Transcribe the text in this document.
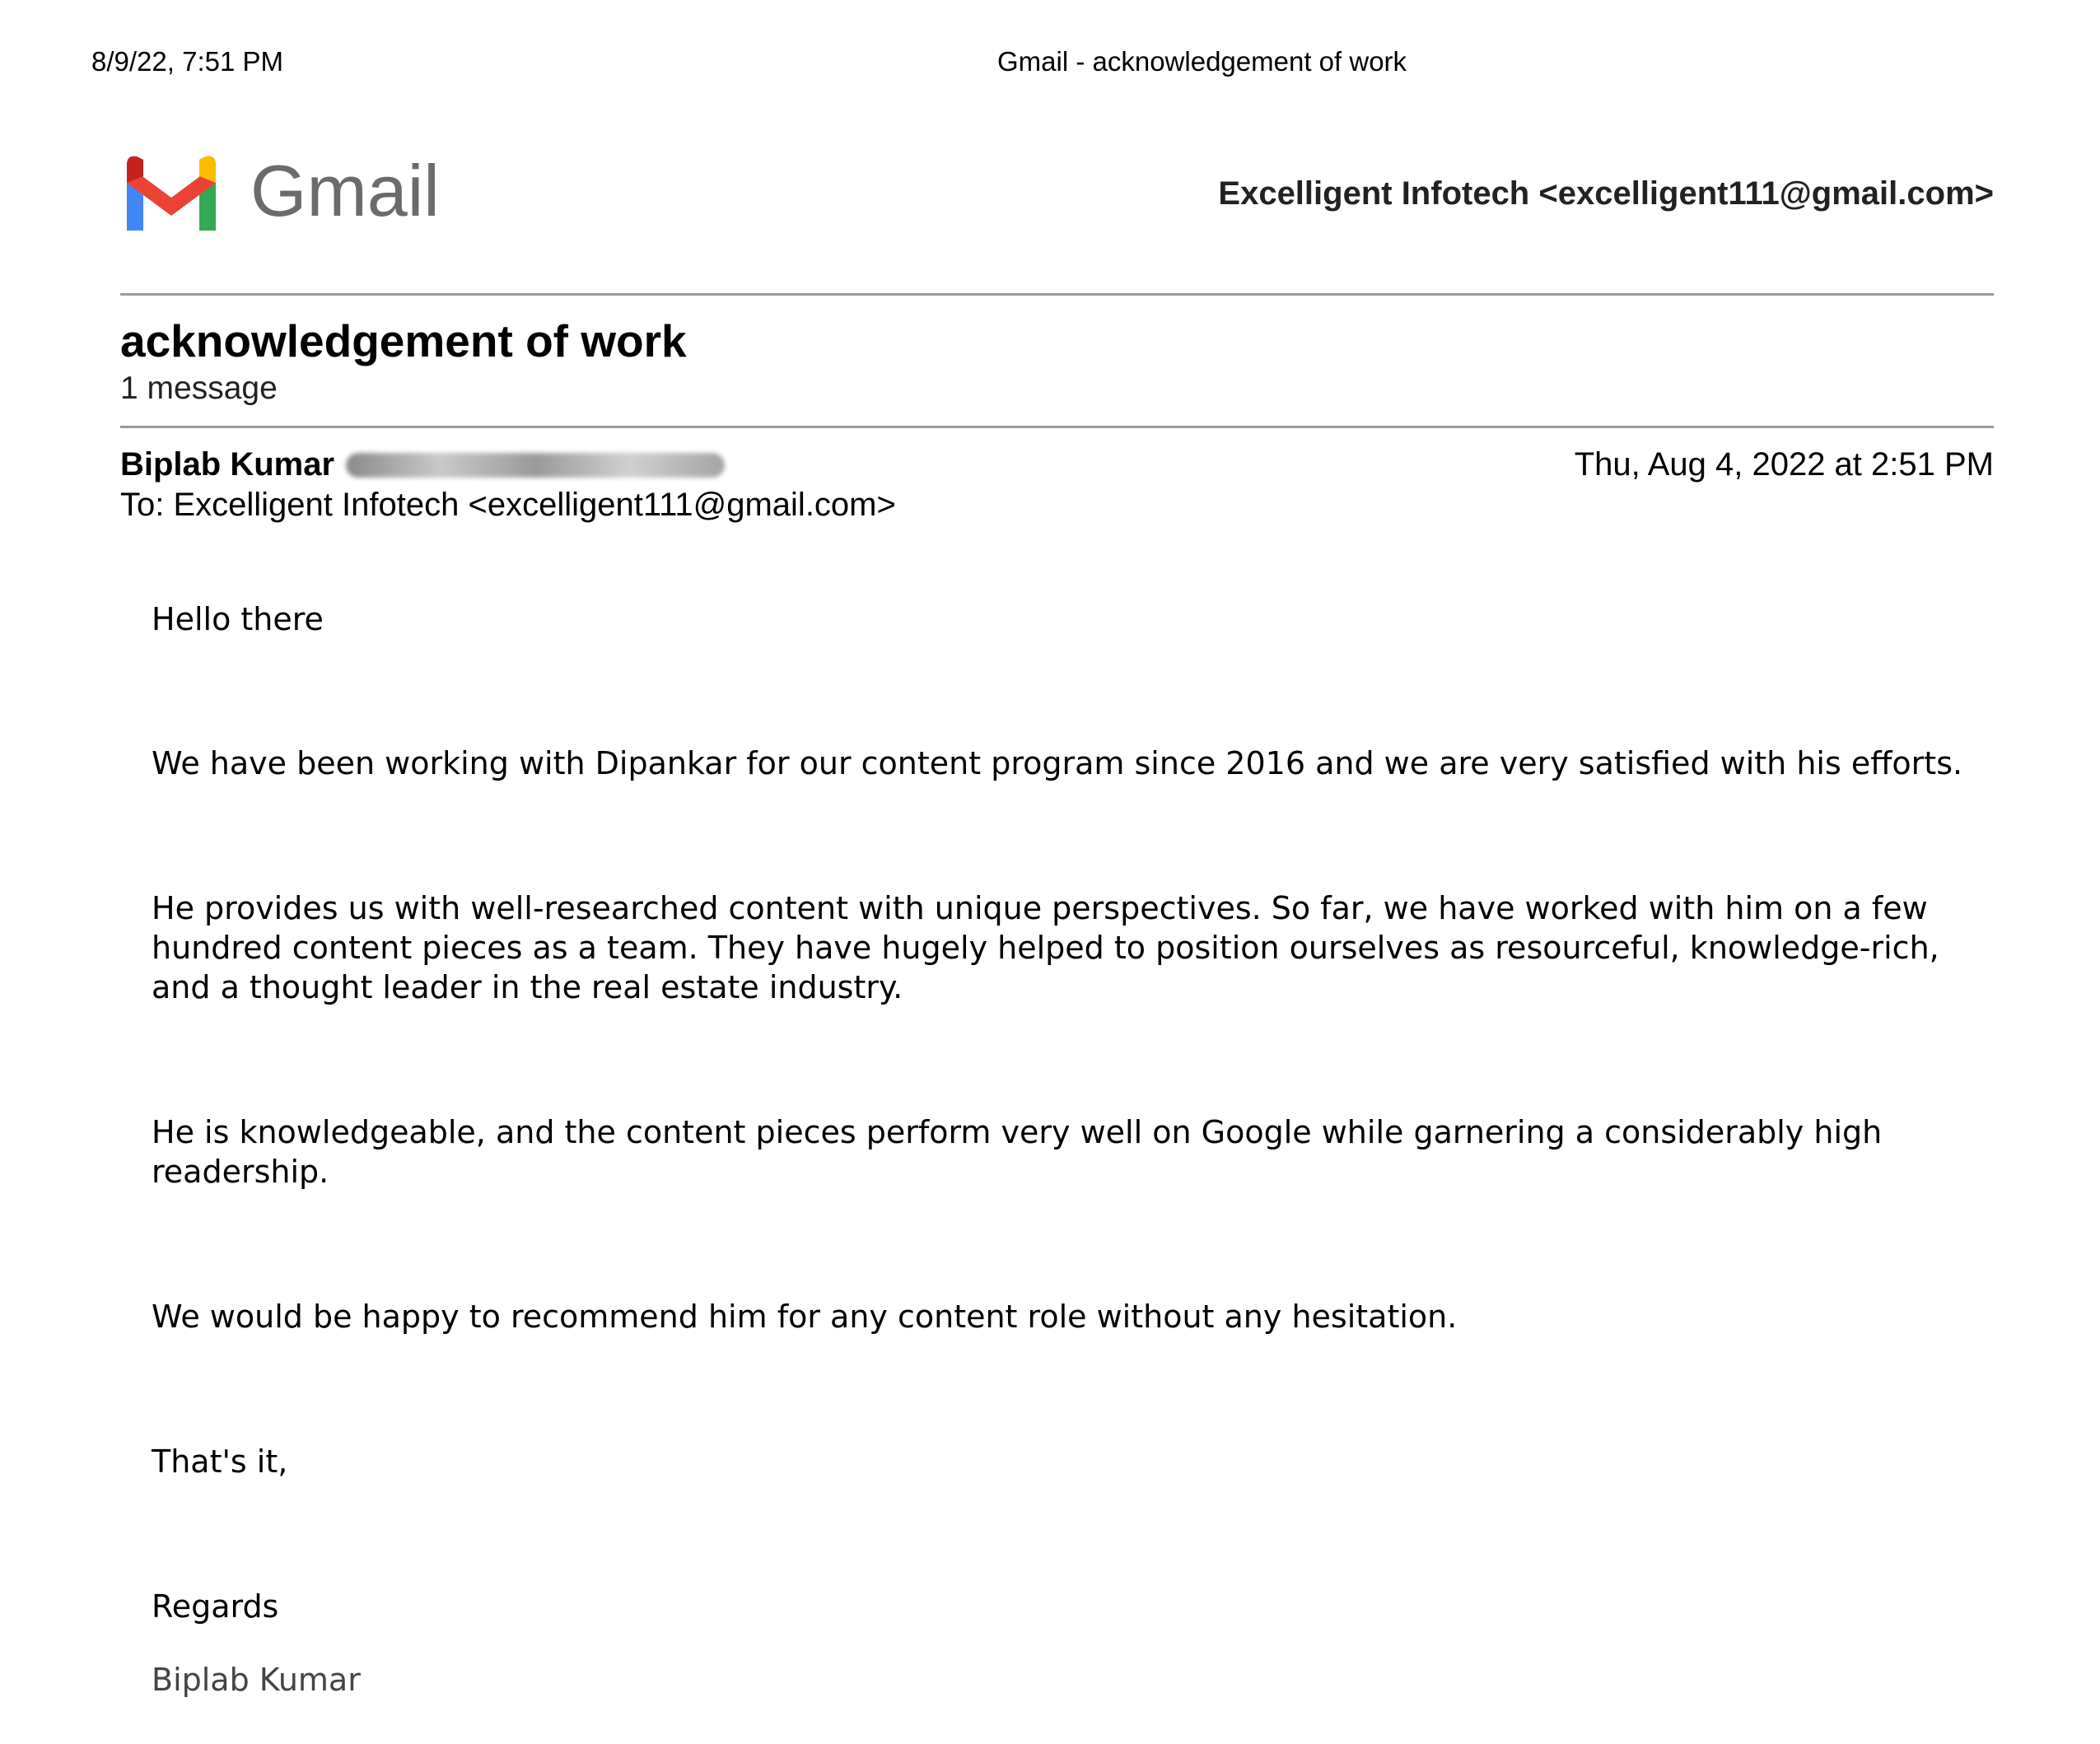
8/9/22, 7:51 PM	Gmail - acknowledgement of work
Gmail	Excelligent Infotech <excelligent111@gmail.com>
acknowledgement of work
1 message
Biplab Kumar	Thu, Aug 4, 2022 at 2:51 PM
To: Excelligent Infotech <excelligent111@gmail.com>

Hello there

We have been working with Dipankar for our content program since 2016 and we are very satisfied with his efforts.

He provides us with well-researched content with unique perspectives. So far, we have worked with him on a few hundred content pieces as a team. They have hugely helped to position ourselves as resourceful, knowledge-rich, and a thought leader in the real estate industry.

He is knowledgeable, and the content pieces perform very well on Google while garnering a considerably high readership.

We would be happy to recommend him for any content role without any hesitation.

That's it,

Regards

Biplab Kumar
